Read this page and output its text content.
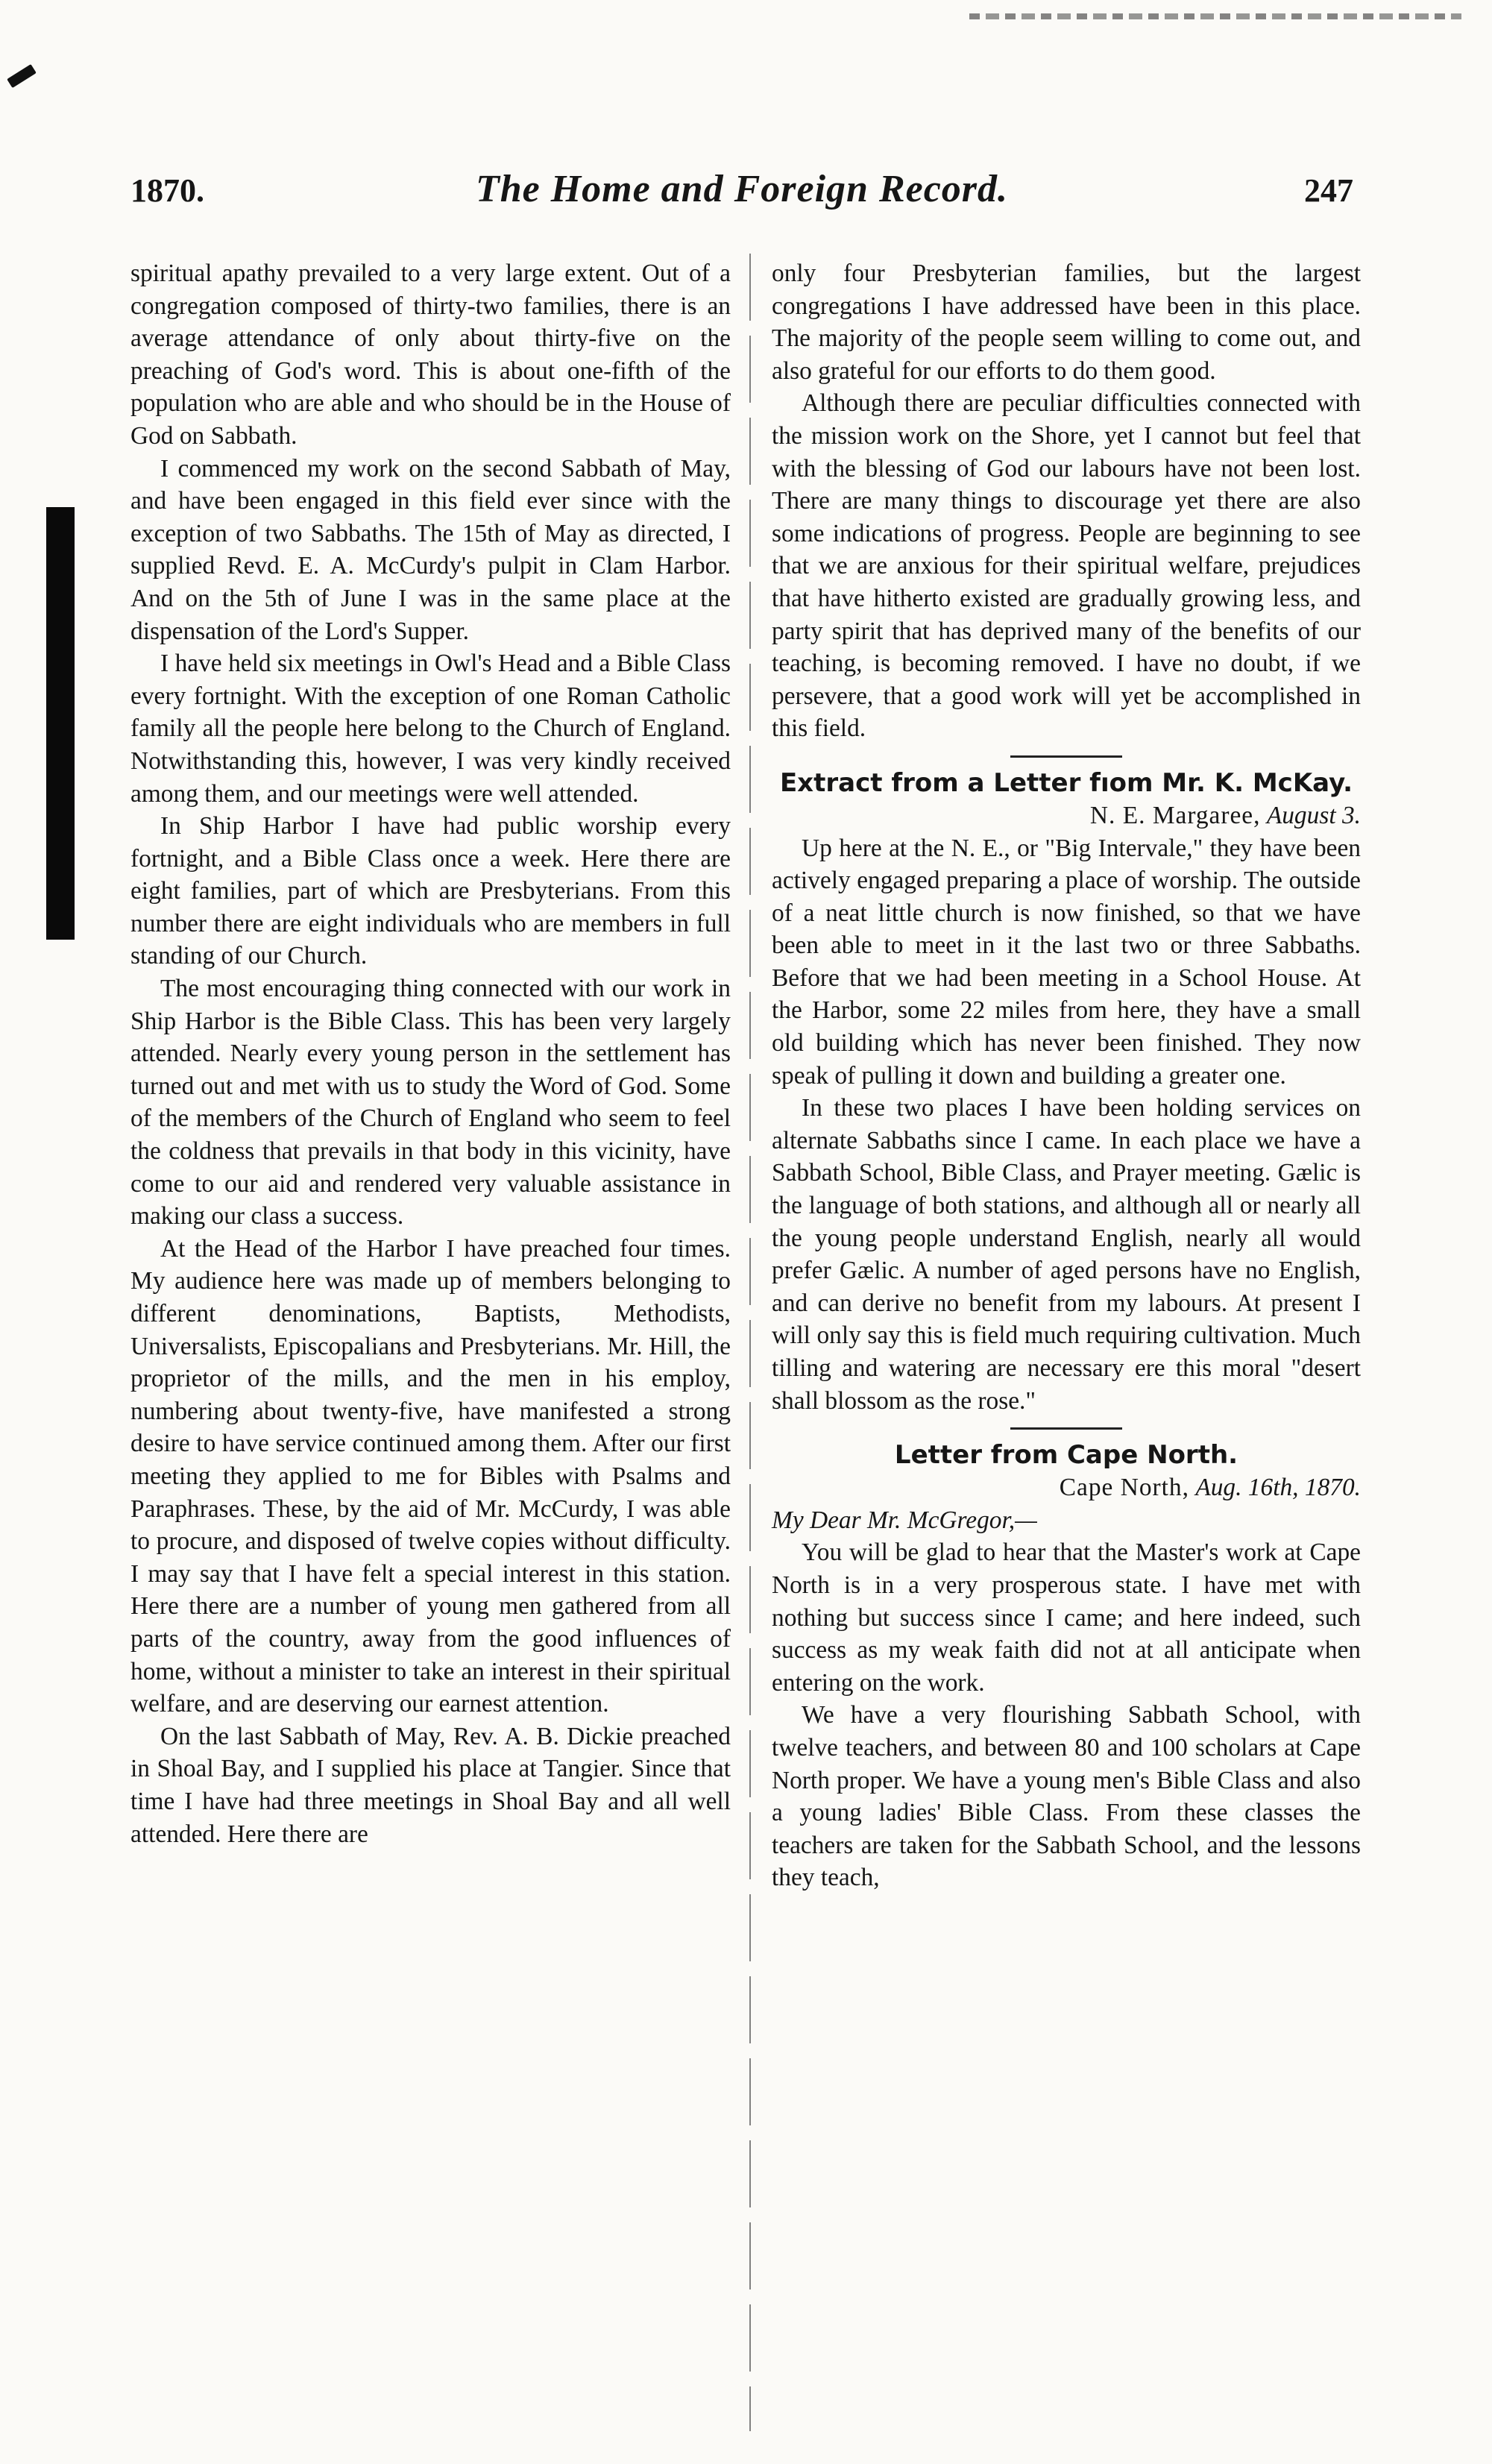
1870.	The Home and Foreign Record.	247

spiritual apathy prevailed to a very large extent. Out of a congregation composed of thirty-two families, there is an average attendance of only about thirty-five on the preaching of God's word. This is about one-fifth of the population who are able and who should be in the House of God on Sabbath.

I commenced my work on the second Sabbath of May, and have been engaged in this field ever since with the exception of two Sabbaths. The 15th of May as directed, I supplied Revd. E. A. McCurdy's pulpit in Clam Harbor. And on the 5th of June I was in the same place at the dispensation of the Lord's Supper.

I have held six meetings in Owl's Head and a Bible Class every fortnight. With the exception of one Roman Catholic family all the people here belong to the Church of England. Notwithstanding this, however, I was very kindly received among them, and our meetings were well attended.

In Ship Harbor I have had public worship every fortnight, and a Bible Class once a week. Here there are eight families, part of which are Presbyterians. From this number there are eight individuals who are members in full standing of our Church.

The most encouraging thing connected with our work in Ship Harbor is the Bible Class. This has been very largely attended. Nearly every young person in the settlement has turned out and met with us to study the Word of God. Some of the members of the Church of England who seem to feel the coldness that prevails in that body in this vicinity, have come to our aid and rendered very valuable assistance in making our class a success.

At the Head of the Harbor I have preached four times. My audience here was made up of members belonging to different denominations, Baptists, Methodists, Universalists, Episcopalians and Presbyterians. Mr. Hill, the proprietor of the mills, and the men in his employ, numbering about twenty-five, have manifested a strong desire to have service continued among them. After our first meeting they applied to me for Bibles with Psalms and Paraphrases. These, by the aid of Mr. McCurdy, I was able to procure, and disposed of twelve copies without difficulty. I may say that I have felt a special interest in this station. Here there are a number of young men gathered from all parts of the country, away from the good influences of home, without a minister to take an interest in their spiritual welfare, and are deserving our earnest attention.

On the last Sabbath of May, Rev. A. B. Dickie preached in Shoal Bay, and I supplied his place at Tangier. Since that time I have had three meetings in Shoal Bay and all well attended. Here there are

only four Presbyterian families, but the largest congregations I have addressed have been in this place. The majority of the people seem willing to come out, and also grateful for our efforts to do them good.

Although there are peculiar difficulties connected with the mission work on the Shore, yet I cannot but feel that with the blessing of God our labours have not been lost. There are many things to discourage yet there are also some indications of progress. People are beginning to see that we are anxious for their spiritual welfare, prejudices that have hitherto existed are gradually growing less, and party spirit that has deprived many of the benefits of our teaching, is becoming removed. I have no doubt, if we persevere, that a good work will yet be accomplished in this field.

Extract from a Letter fıom Mr. K. McKay.

N. E. Margaree, August 3.

Up here at the N. E., or "Big Intervale," they have been actively engaged preparing a place of worship. The outside of a neat little church is now finished, so that we have been able to meet in it the last two or three Sabbaths. Before that we had been meeting in a School House. At the Harbor, some 22 miles from here, they have a small old building which has never been finished. They now speak of pulling it down and building a greater one.

In these two places I have been holding services on alternate Sabbaths since I came. In each place we have a Sabbath School, Bible Class, and Prayer meeting. Gælic is the language of both stations, and although all or nearly all the young people understand English, nearly all would prefer Gælic. A number of aged persons have no English, and can derive no benefit from my labours. At present I will only say this is field much requiring cultivation. Much tilling and watering are necessary ere this moral "desert shall blossom as the rose."

Letter from Cape North.

Cape North, Aug. 16th, 1870.

My Dear Mr. McGregor,—

You will be glad to hear that the Master's work at Cape North is in a very prosperous state. I have met with nothing but success since I came; and here indeed, such success as my weak faith did not at all anticipate when entering on the work.

We have a very flourishing Sabbath School, with twelve teachers, and between 80 and 100 scholars at Cape North proper. We have a young men's Bible Class and also a young ladies' Bible Class. From these classes the teachers are taken for the Sabbath School, and the lessons they teach,
